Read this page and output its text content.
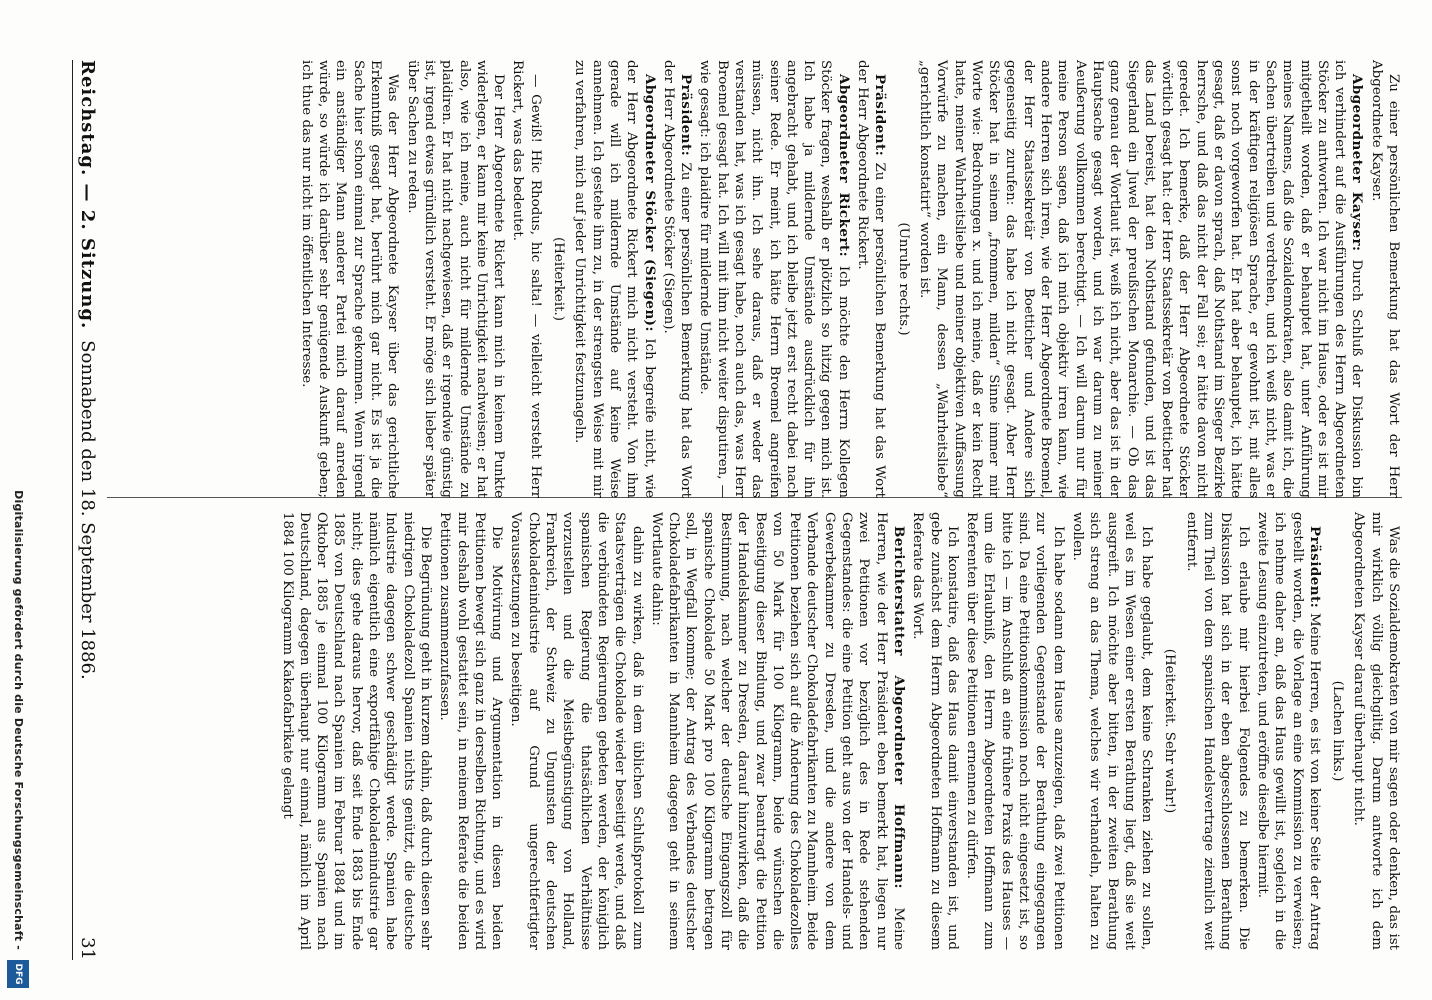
Reichstag. — 2. Sitzung.
Sonnabend den 18. September 1886.
31

Zu einer persönlichen Bemerkung hat das Wort der Herr Abgeordnete Kayser.

Abgeordneter Kayser: Durch Schluß der Diskussion bin ich verhindert auf die Ausführungen des Herrn Abgeordneten Stöcker zu antworten. Ich war nicht im Hause, oder es ist mir mitgetheilt worden, daß er behauptet hat, unter Anführung meines Namens, daß die Sozialdemokraten, also damit ich, die Sachen übertreiben und verdrehen, und ich weiß nicht, was er in der kräftigen religiösen Sprache, er gewohnt ist, mit alles sonst noch vorgeworfen hat. Er hat aber behauptet, ich hätte gesagt, daß er davon sprach, daß Nothstand im Sieger Bezirke herrsche, und daß das nicht der Fall sei; er hätte davon nicht geredet. Ich bemerke, daß der Herr Abgeordnete Stöcker wörtlich gesagt hat: der Herr Staatssekretär von Boetticher hat das Land bereist, hat den Nothstand gefunden, und ist das Siegerland ein Juwel der preußischen Monarchie. — Ob das ganz genau der Wortlaut ist, weiß ich nicht, aber das ist in der Hauptsache gesagt worden, und ich war darum zu meiner Aeußerung vollkommen berechtigt. — Ich will darum nur für meine Person sagen, daß ich mich objektiv irren kann, wie andere Herren sich irren, wie der Herr Abgeordnete Broemel, der Herr Staatssekretär von Boetticher und Andere sich gegenseitig zurufen: das habe ich nicht gesagt. Aber Herr Stöcker hat in seinem „frommen, milden“ Sinne immer mir Worte wie: Bedrohungen x. und ich meine, daß er kein Recht hatte, meiner Wahrheitsliebe und meiner objektiven Auffassung Vorwürfe zu machen, ein Mann, dessen „Wahrheitsliebe“ „gerichtlich konstatirt“ worden ist.

(Unruhe rechts.)

Präsident: Zu einer persönlichen Bemerkung hat das Wort der Herr Abgeordnete Rickert.

Abgeordneter Rickert: Ich möchte den Herrn Kollegen Stöcker fragen, weshalb er plötzlich so hitzig gegen mich ist. Ich habe ja mildernde Umstände ausdrücklich für ihn angebracht gehabt, und ich bleibe jetzt erst recht dabei nach seiner Rede. Er meint, ich hätte Herrn Broemel angreifen müssen, nicht ihn. Ich sehe daraus, daß er weder das verstanden hat, was ich gesagt habe, noch auch das, was Herr Broemel gesagt hat. Ich will mit ihm nicht weiter disputiren, — wie gesagt: ich plaidire für mildernde Umstände.

Präsident: Zu einer persönlichen Bemerkung hat das Wort der Herr Abgeordnete Stöcker (Siegen).

Abgeordneter Stöcker (Siegen): Ich begreife nicht, wie der Herr Abgeordnete Rickert mich nicht versteht. Von ihm gerade will ich mildernde Umstände auf keine Weise annehmen. Ich gestehe ihm zu, in der strengsten Weise mit mir zu verfahren, mich auf jeder Unrichtigkeit festzunageln.

(Heiterkeit.)

— Gewiß! Hic Rhodus, hic salta! — vielleicht versteht Herr Rickert, was das bedeutet.

Der Herr Abgeordnete Rickert kann mich in keinem Punkte widerlegen, er kann mir keine Unrichtigkeit nachweisen; er hat also, wie ich meine, auch nicht für mildernde Umstände zu plaidiren. Er hat nicht nachgewiesen, daß er irgendwie günstig ist, irgend etwas gründlich versteht. Er möge sich lieber später über Sachen zu reden.

Was der Herr Abgeordnete Kayser über das gerichtliche Erkenntniß gesagt hat, berührt mich gar nicht. Es ist ja die Sache hier schon einmal zur Sprache gekommen. Wenn irgend ein anständiger Mann anderer Partei mich darauf anreden würde, so würde ich darüber sehr genügende Auskunft geben; ich thue das nur nicht im öffentlichen Interesse.

Was die Sozialdemokraten von mir sagen oder denken, das ist mir wirklich völlig gleichgiltig. Darum antworte ich dem Abgeordneten Kayser darauf überhaupt nicht.

(Lachen links.)

Präsident: Meine Herren, es ist von keiner Seite der Antrag gestellt worden, die Vorlage an eine Kommission zu verweisen; ich nehme daher an, daß das Haus gewillt ist, sogleich in die zweite Lesung einzutreten, und eröffne dieselbe hiermit.

Ich erlaube mir hierbei Folgendes zu bemerken. Die Diskussion hat sich in der eben abgeschlossenen Berathung zum Theil von dem spanischen Handelsvertrage ziemlich weit entfernt.

(Heiterkeit. Sehr wahr!)

Ich habe geglaubt, dem keine Schranken ziehen zu sollen, weil es im Wesen einer ersten Berathung liegt, daß sie weit ausgreift. Ich möchte aber bitten, in der zweiten Berathung sich streng an das Thema, welches wir verhandeln, halten zu wollen.

Ich habe sodann dem Hause anzuzeigen, daß zwei Petitionen zur vorliegenden Gegenstande der Berathung eingegangen sind. Da eine Petitionskommission noch nicht eingesetzt ist, so bitte ich — im Anschluß an eine frühere Praxis des Hauses — um die Erlaubniß, den Herrn Abgeordneten Hoffmann zum Referenten über diese Petitionen ernennen zu dürfen.

Ich konstatire, daß das Haus damit einverstanden ist, und gebe zunächst dem Herrn Abgeordneten Hoffmann zu diesem Referate das Wort.

Berichterstatter Abgeordneter Hoffmann: Meine Herren, wie der Herr Präsident eben bemerkt hat, liegen nur zwei Petitionen vor bezüglich des in Rede stehenden Gegenstandes: die eine Petition geht aus von der Handels- und Gewerbekammer zu Dresden, und die andere von dem Verbande deutscher Chokoladefabrikanten zu Mannheim. Beide Petitionen beziehen sich auf die Änderung des Chokoladezolles von 50 Mark für 100 Kilogramm, beide wünschen die Beseitigung dieser Bindung, und zwar beantragt die Petition der Handelskammer zu Dresden, darauf hinzuwirken, daß die Bestimmung, nach welcher der deutsche Eingangszoll für spanische Chokolade 50 Mark pro 100 Kilogramm betragen soll, in Wegfall komme; der Antrag des Verbandes deutscher Chokoladefabrikanten in Mannheim dagegen geht in seinem Wortlaute dahin:

dahin zu wirken, daß in dem üblichen Schlußprotokoll zum Staatsverträgen die Chokolade wieder beseitigt werde, und daß die verbündeten Regierungen gebeten werden, der königlich spanischen Regierung die thatsächlichen Verhältnisse vorzustellen und die Meistbegünstigung von Holland, Frankreich, der Schweiz zu Ungunsten der deutschen Chokoladenindustrie auf Grund ungerechtfertigter Voraussetzungen zu beseitigen.

Die Motivirung und Argumentation in diesen beiden Petitionen bewegt sich ganz in derselben Richtung, und es wird mir deshalb wohl gestattet sein, in meinem Referate die beiden Petitionen zusammenzufassen.

Die Begründung geht in kurzem dahin, daß durch diesen sehr niedrigen Chokoladezoll Spanien nichts genützt, die deutsche Industrie dagegen schwer geschädigt werde. Spanien habe nämlich eigentlich eine exportfähige Chokoladenindustrie gar nicht; dies gehe daraus hervor, daß seit Ende 1883 bis Ende 1885 von Deutschland nach Spanien im Februar 1884 und im Oktober 1885 je einmal 100 Kilogramm aus Spanien nach Deutschland, dagegen überhaupt nur einmal, nämlich im April 1884 100 Kilogramm Kakaofabrikate gelangt

Digitalisierung gefördert durch die Deutsche Forschungsgemeinschaft -
DFG
